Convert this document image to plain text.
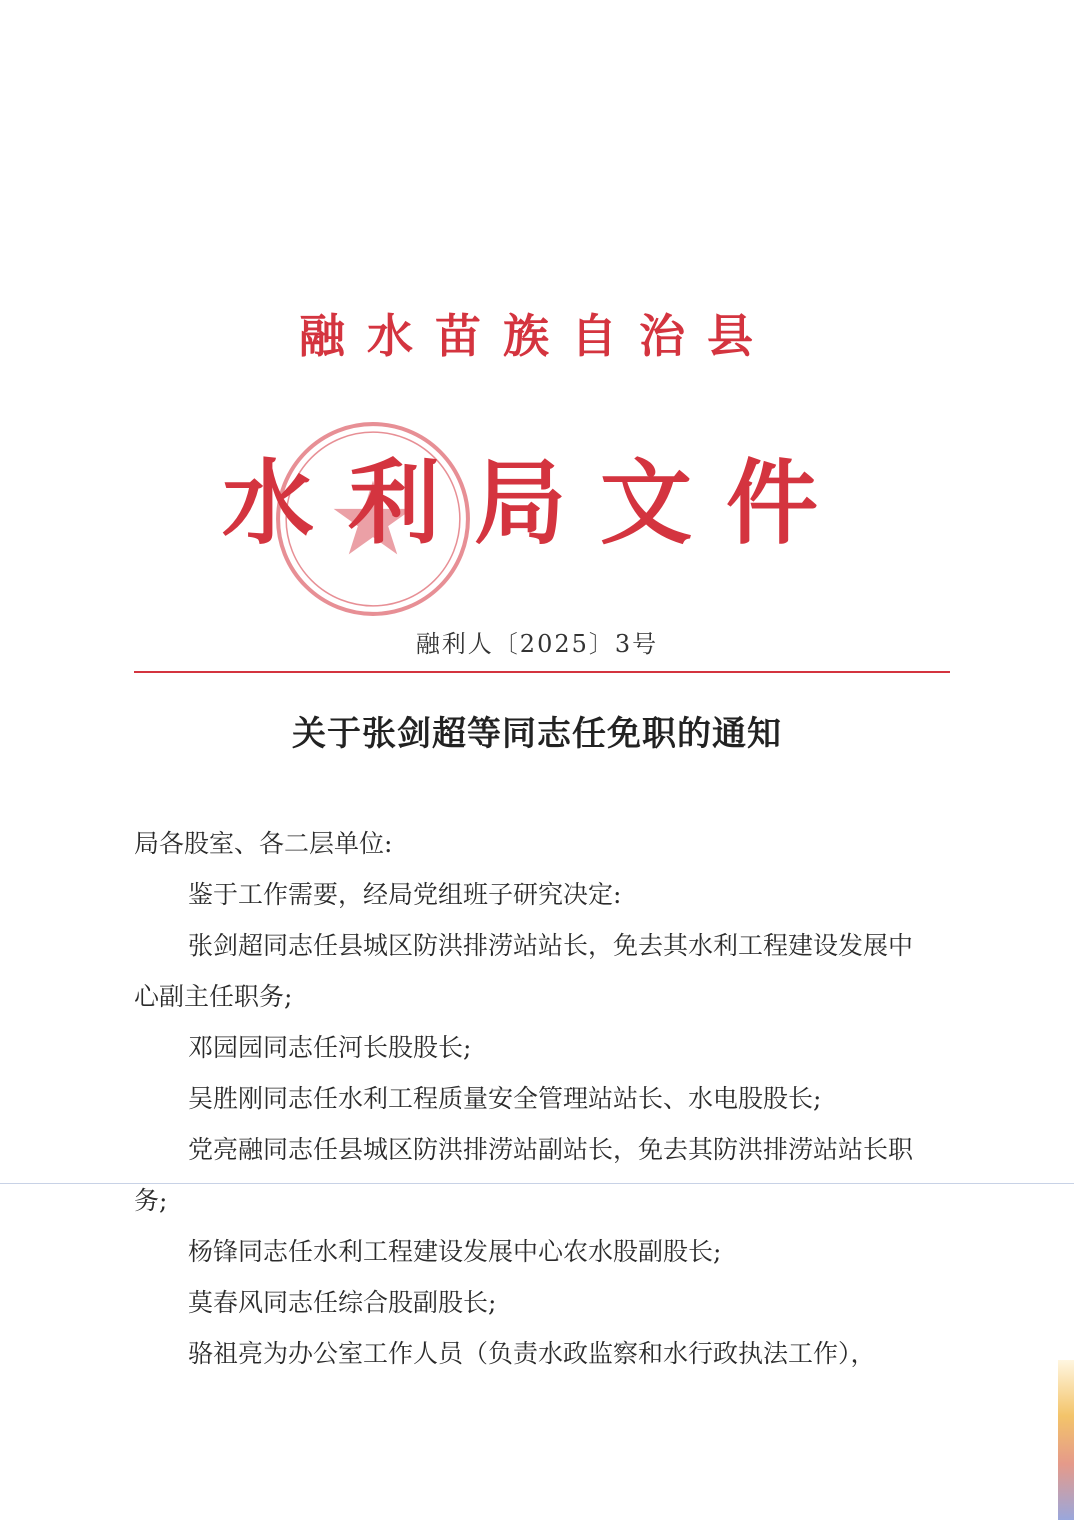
融水苗族自治县
水利局文件
融利人〔2025〕3号
关于张剑超等同志任免职的通知

局各股室、各二层单位:

鉴于工作需要，经局党组班子研究决定:

张剑超同志任县城区防洪排涝站站长，免去其水利工程建设发展中心副主任职务;

邓园园同志任河长股股长;

吴胜刚同志任水利工程质量安全管理站站长、水电股股长;

党亮融同志任县城区防洪排涝站副站长，免去其防洪排涝站站长职务;

杨锋同志任水利工程建设发展中心农水股副股长;

莫春风同志任综合股副股长;

骆祖亮为办公室工作人员（负责水政监察和水行政执法工作），
